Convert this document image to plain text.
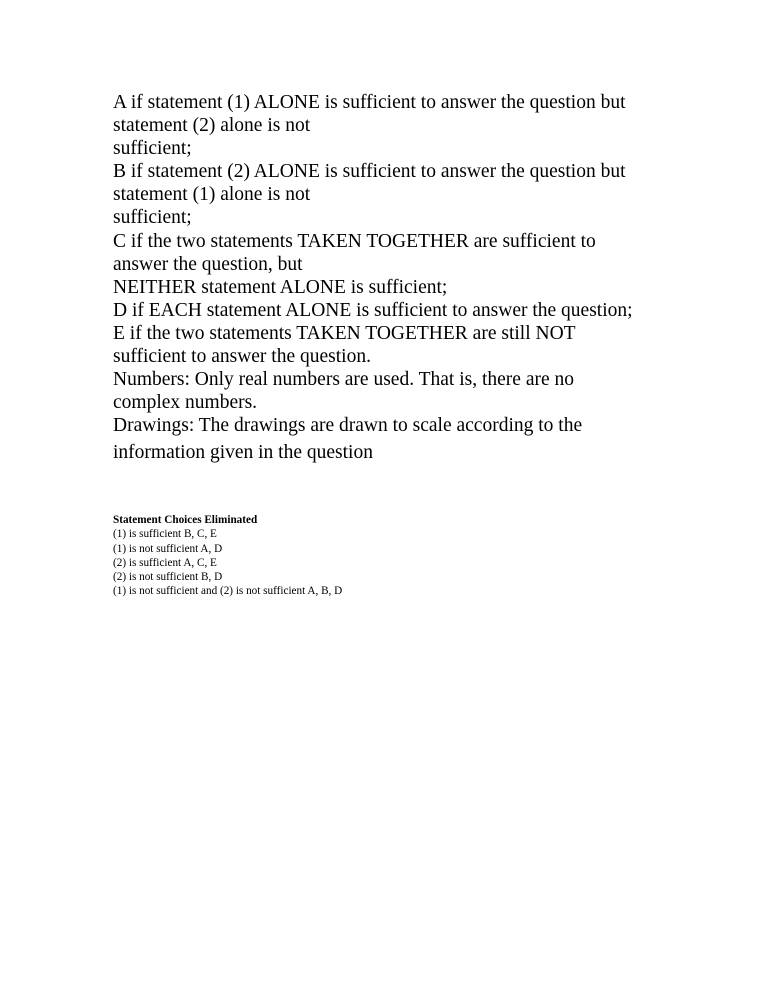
A if statement (1) ALONE is sufficient to answer the question but
statement (2) alone is not
sufficient;
B if statement (2) ALONE is sufficient to answer the question but
statement (1) alone is not
sufficient;
C if the two statements TAKEN TOGETHER are sufficient to
answer the question, but
NEITHER statement ALONE is sufficient;
D if EACH statement ALONE is sufficient to answer the question;
E if the two statements TAKEN TOGETHER are still NOT
sufficient to answer the question.
Numbers: Only real numbers are used. That is, there are no
complex numbers.
Drawings: The drawings are drawn to scale according to the
information given in the question
Statement Choices Eliminated
(1) is sufficient B, C, E
(1) is not sufficient A, D
(2) is sufficient A, C, E
(2) is not sufficient B, D
(1) is not sufficient and (2) is not sufficient A, B, D
